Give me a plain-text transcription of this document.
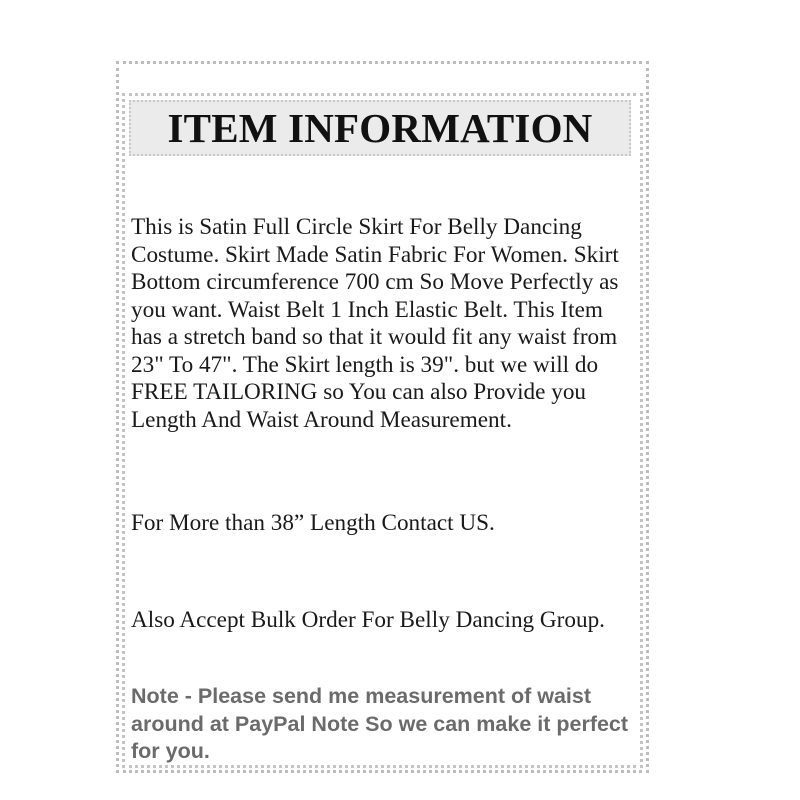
ITEM INFORMATION

This is Satin Full Circle Skirt For Belly Dancing Costume. Skirt Made Satin Fabric For Women. Skirt Bottom circumference 700 cm So Move Perfectly as you want. Waist Belt 1 Inch Elastic Belt. This Item has a stretch band so that it would fit any waist from 23" To 47". The Skirt length is 39". but we will do FREE TAILORING so You can also Provide you Length And Waist Around Measurement.

For More than 38” Length Contact US.

Also Accept Bulk Order For Belly Dancing Group.

Note - Please send me measurement of waist around at PayPal Note So we can make it perfect for you.
